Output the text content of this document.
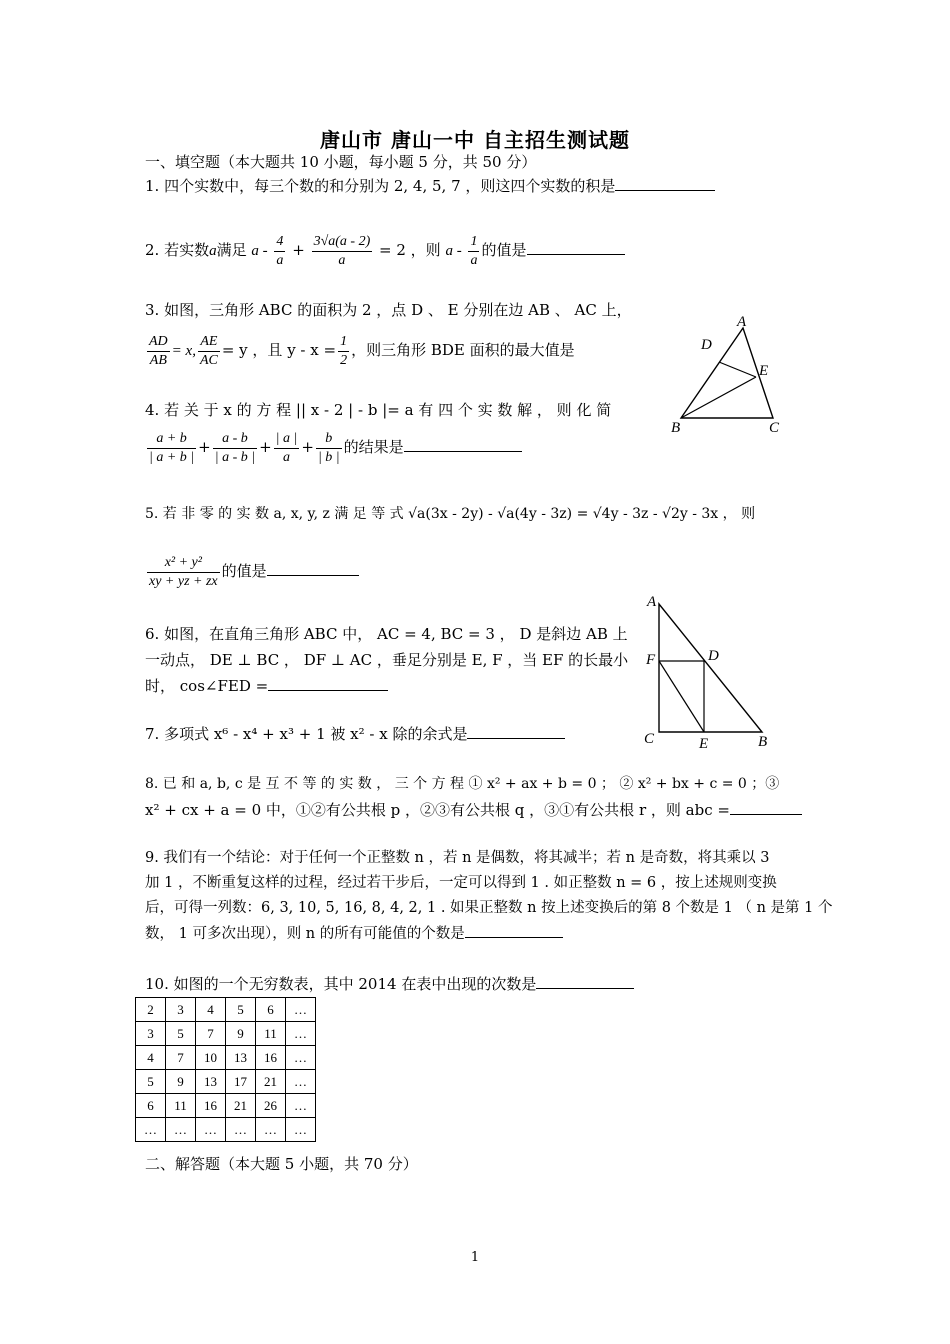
唐山市 唐山一中 自主招生测试题
一、填空题（本大题共 10 小题，每小题 5 分，共 50 分）
1. 四个实数中，每三个数的和分别为 2, 4, 5, 7 ，则这四个实数的积是
2. 若实数a满足 $a - \frac{4}{a} + \frac{3√a(a - 2)}{a} = 2$ ，则 a - $\frac{1}{a}$ 的值是
3. 如图，三角形 ABC 的面积为 2 ，点 D 、 E 分别在边 AB 、 AC 上，
$\frac{AD}{AB} = x$, $\frac{AE}{AC} = y$ ，且 $y - x = \frac{1}{2}$ ，则三角形 BDE 面积的最大值是
A
D
E
B	C
4. 若 关 于 x 的 方 程 || x - 2 | - b |= a 有 四 个 实 数 解 ， 则 化 简
$\frac{a + b}{| a + b |} + \frac{a - b}{| a - b |} + \frac{| a |}{a} + \frac{b}{| b |}$ 的结果是
5. 若 非 零 的 实 数 a, x, y, z 满 足 等 式 √a(3x - 2y) - √a(4y - 3z) = √4y - 3z - √2y - 3x ， 则
$\frac{\text{x² + y²}}{xy + yz + zx}$ 的值是
6. 如图，在直角三角形 ABC 中， AC = 4, BC = 3 ， D 是斜边 AB 上
一动点， DE ⊥ BC ， DF ⊥ AC ，垂足分别是 E, F ，当 EF 的长最小
时， cos∠FED =
A
F	D
C	E	B
7. 多项式 x⁶ - x⁴ + x³ + 1 被 x² - x 除的余式是
8. 已 和 a, b, c 是 互 不 等 的 实 数 ， 三 个 方 程 ① x² + ax + b = 0 ； ② x² + bx + c = 0 ；③
x² + cx + a = 0 中，①②有公共根 p ，②③有公共根 q ，③①有公共根 r ，则 abc =
9. 我们有一个结论：对于任何一个正整数 n ，若 n 是偶数，将其减半；若 n 是奇数，将其乘以 3
加 1 ，不断重复这样的过程，经过若干步后，一定可以得到 1 . 如正整数 n = 6 ，按上述规则变换
后，可得一列数：6, 3, 10, 5, 16, 8, 4, 2, 1 . 如果正整数 n 按上述变换后的第 8 个数是 1 （ n 是第 1 个
数， 1 可多次出现），则 n 的所有可能值的个数是
10. 如图的一个无穷数表，其中 2014 在表中出现的次数是
2	3	4	5	6	…
3	5	7	9	11	…
4	7	10	13	16	…
5	9	13	17	21	…
6	11	16	21	26	…
…	…	…	…	…	…
二、解答题（本大题 5 小题，共 70 分）
1
